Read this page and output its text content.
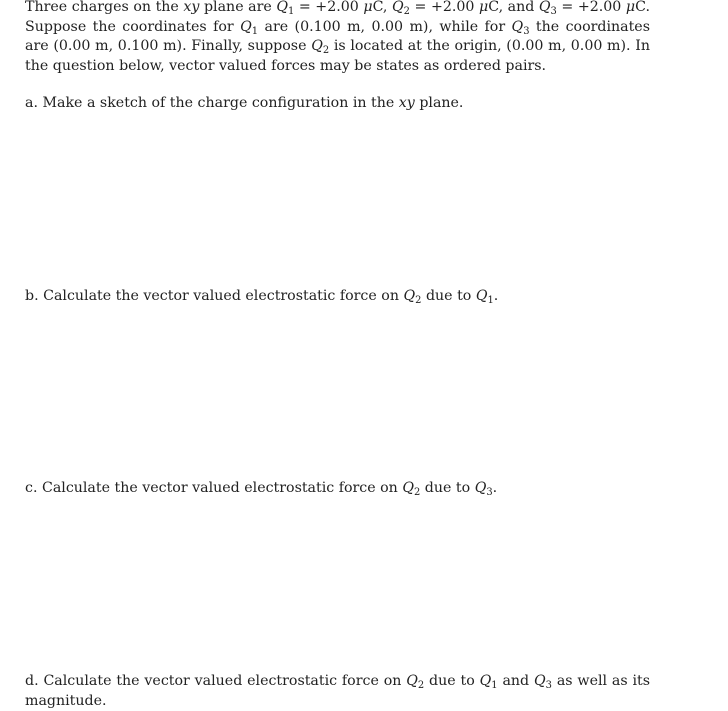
Three charges on the xy plane are $Q_1 = +2.00$ μC, $Q_2 = +2.00$ μC, and $Q_3 = +2.00$ μC. Suppose the coordinates for $Q_1$ are (0.100 m, 0.00 m), while for $Q_3$ the coordinates are (0.00 m, 0.100 m). Finally, suppose $Q_2$ is located at the origin, (0.00 m, 0.00 m). In the question below, vector valued forces may be states as ordered pairs.

a. Make a sketch of the charge configuration in the xy plane.

b. Calculate the vector valued electrostatic force on $Q_2$ due to $Q_1$.

c. Calculate the vector valued electrostatic force on $Q_2$ due to $Q_3$.

d. Calculate the vector valued electrostatic force on $Q_2$ due to $Q_1$ and $Q_3$ as well as its magnitude.
